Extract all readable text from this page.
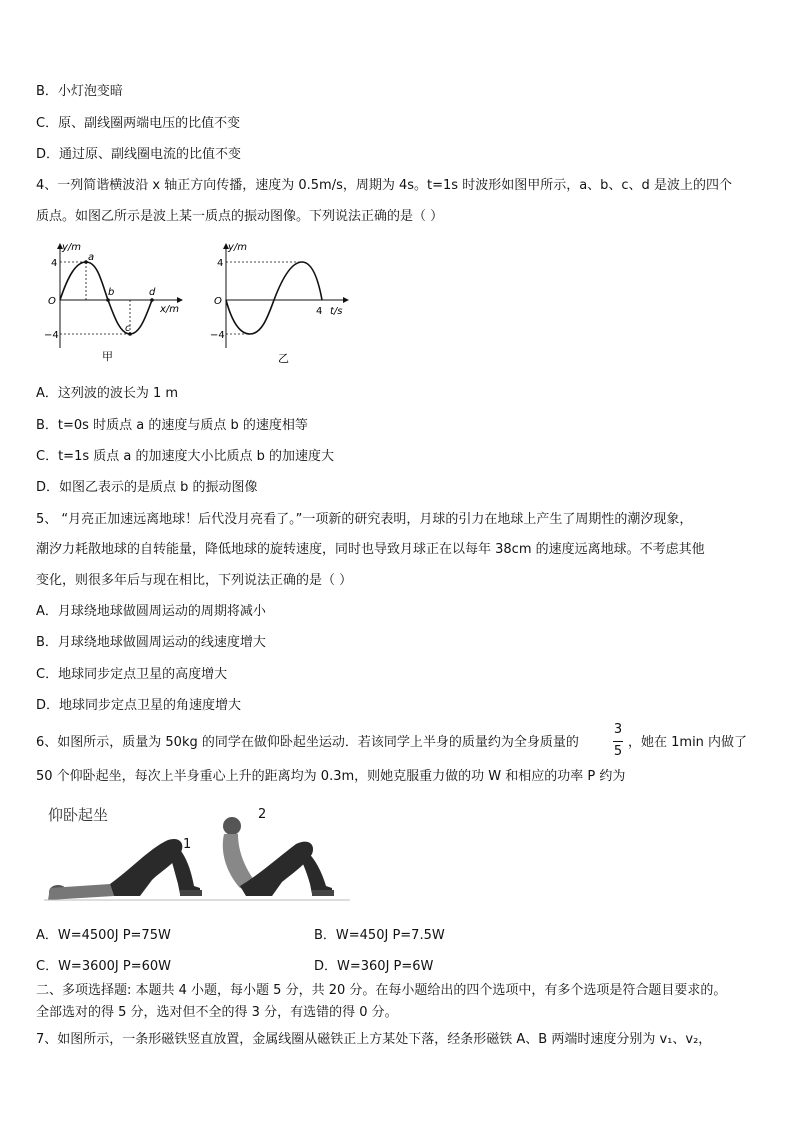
B．小灯泡变暗
C．原、副线圈两端电压的比值不变
D．通过原、副线圈电流的比值不变
4、一列简谐横波沿 x 轴正方向传播，速度为 0.5m/s，周期为 4s。t=1s 时波形如图甲所示，a、b、c、d 是波上的四个
质点。如图乙所示是波上某一质点的振动图像。下列说法正确的是（ ）
y/m
4
O
−4
a
b
c
d
x/m
甲
y/m
4
O
−4
4 t/s
乙
A．这列波的波长为 1 m
B．t=0s 时质点 a 的速度与质点 b 的速度相等
C．t=1s 质点 a 的加速度大小比质点 b 的加速度大
D．如图乙表示的是质点 b 的振动图像
5、 “月亮正加速远离地球！后代没月亮看了。”一项新的研究表明，月球的引力在地球上产生了周期性的潮汐现象，
潮汐力耗散地球的自转能量，降低地球的旋转速度，同时也导致月球正在以每年 38cm 的速度远离地球。不考虑其他
变化，则很多年后与现在相比，下列说法正确的是（ ）
A．月球绕地球做圆周运动的周期将减小
B．月球绕地球做圆周运动的线速度增大
C．地球同步定点卫星的高度增大
D．地球同步定点卫星的角速度增大
6、如图所示，质量为 50kg 的同学在做仰卧起坐运动．若该同学上半身的质量约为全身质量的
3
5
，她在 1min 内做了
50 个仰卧起坐，每次上半身重心上升的距离均为 0.3m，则她克服重力做的功 W 和相应的功率 P 约为
仰卧起坐
1
2
A．W=4500J P=75W	B．W=450J P=7.5W
C．W=3600J P=60W	D．W=360J P=6W
二、多项选择题: 本题共 4 小题，每小题 5 分，共 20 分。在每小题给出的四个选项中，有多个选项是符合题目要求的。
全部选对的得 5 分，选对但不全的得 3 分，有选错的得 0 分。
7、如图所示，一条形磁铁竖直放置，金属线圈从磁铁正上方某处下落，经条形磁铁 A、B 两端时速度分别为 v₁、v₂，
